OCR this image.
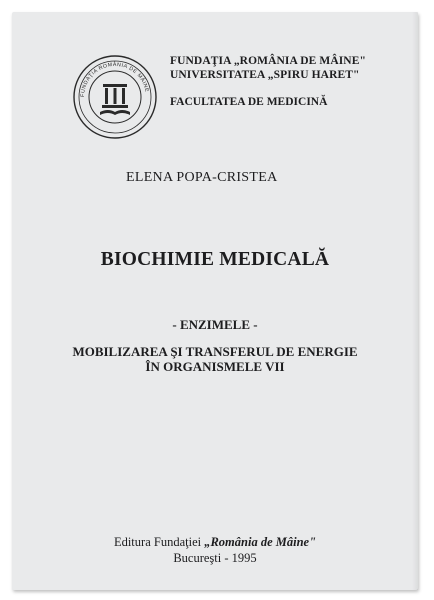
FUNDAŢIA ROMÂNIA DE MÂINE
FUNDAŢIA „ROMÂNIA DE MÂINE"
UNIVERSITATEA „SPIRU HARET"
FACULTATEA DE MEDICINĂ
ELENA POPA-CRISTEA
BIOCHIMIE MEDICALĂ
- ENZIMELE -
MOBILIZAREA ŞI TRANSFERUL DE ENERGIE
ÎN ORGANISMELE VII
Editura Fundaţiei „România de Mâine"
Bucureşti - 1995
